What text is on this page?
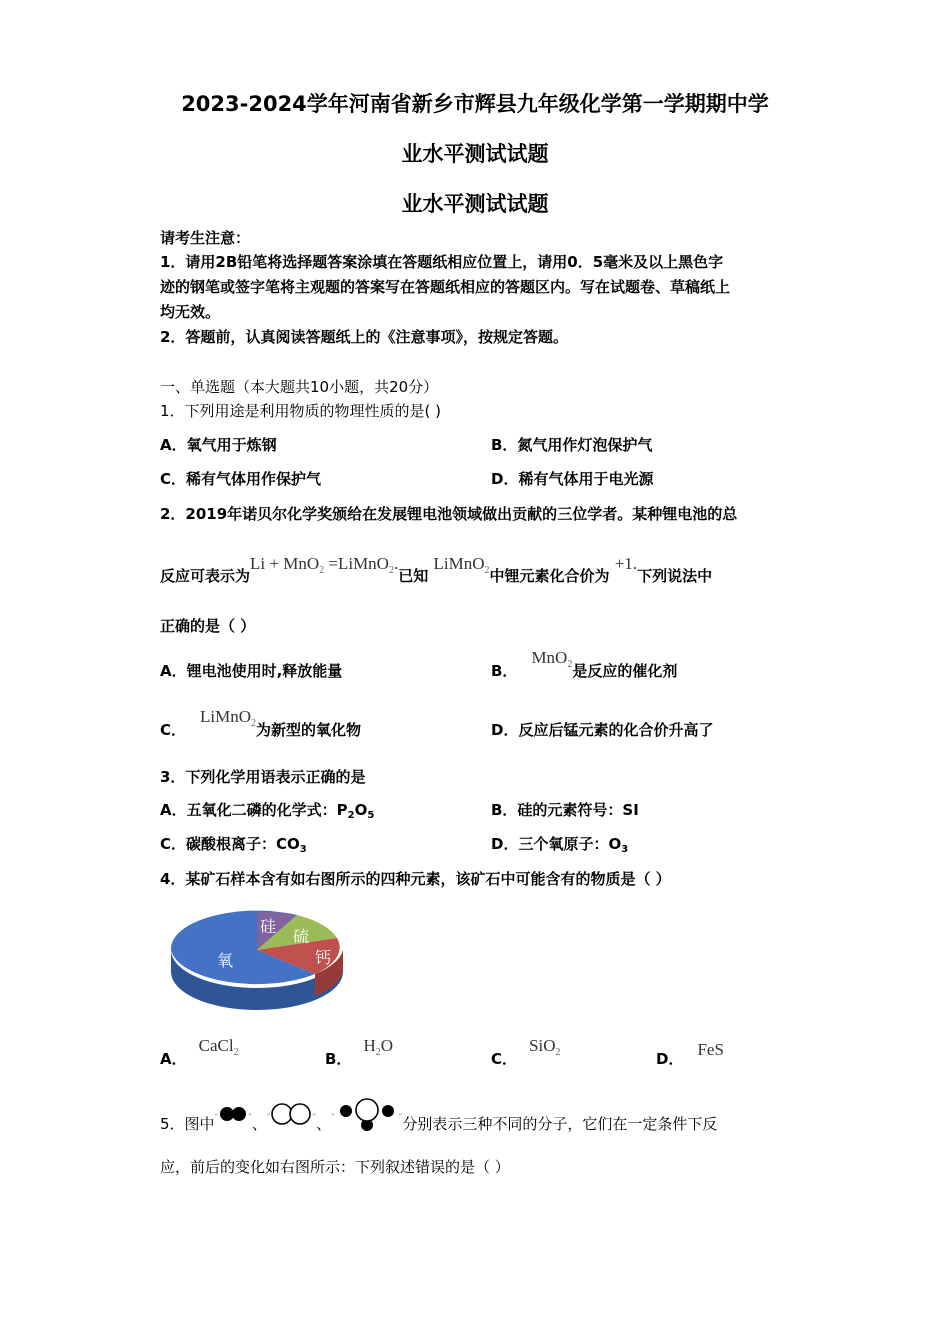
2023-2024学年河南省新乡市辉县九年级化学第一学期期中学
业水平测试试题
业水平测试试题
请考生注意：
1．请用2B铅笔将选择题答案涂填在答题纸相应位置上，请用0．5毫米及以上黑色字
迹的钢笔或签字笔将主观题的答案写在答题纸相应的答题区内。写在试题卷、草稿纸上
均无效。
2．答题前，认真阅读答题纸上的《注意事项》，按规定答题。
一、单选题（本大题共10小题，共20分）
1．下列用途是利用物质的物理性质的是( )
A．氧气用于炼钢	B．氮气用作灯泡保护气
C．稀有气体用作保护气	D．稀有气体用于电光源
2．2019年诺贝尔化学奖颁给在发展锂电池领域做出贡献的三位学者。某种锂电池的总
反应可表示为Li + MnO$_2$ =LiMnO$_2$.已知 LiMnO$_2$中锂元素化合价为 +1.下列说法中
正确的是（ ）
A．锂电池使用时,释放能量	B．MnO$_2$是反应的催化剂
C．LiMnO$_2$为新型的氧化物	D．反应后锰元素的化合价升高了
3．下列化学用语表示正确的是
A．五氧化二磷的化学式：$P_2O_5$	B．硅的元素符号：SI
C．碳酸根离子：$CO_3$	D．三个氧原子：$O_3$
4．某矿石样本含有如右图所示的四种元素，该矿石中可能含有的物质是（ ）
硅
硫
钙
氧
A．CaCl$_2$	B．$H_2O$
C．SiO$_2$	D． FeS
5．图中“	”、“	”、“	”分别表示三种不同的分子，它们在一定条件下反
应，前后的变化如右图所示：下列叙述错误的是（ ）
